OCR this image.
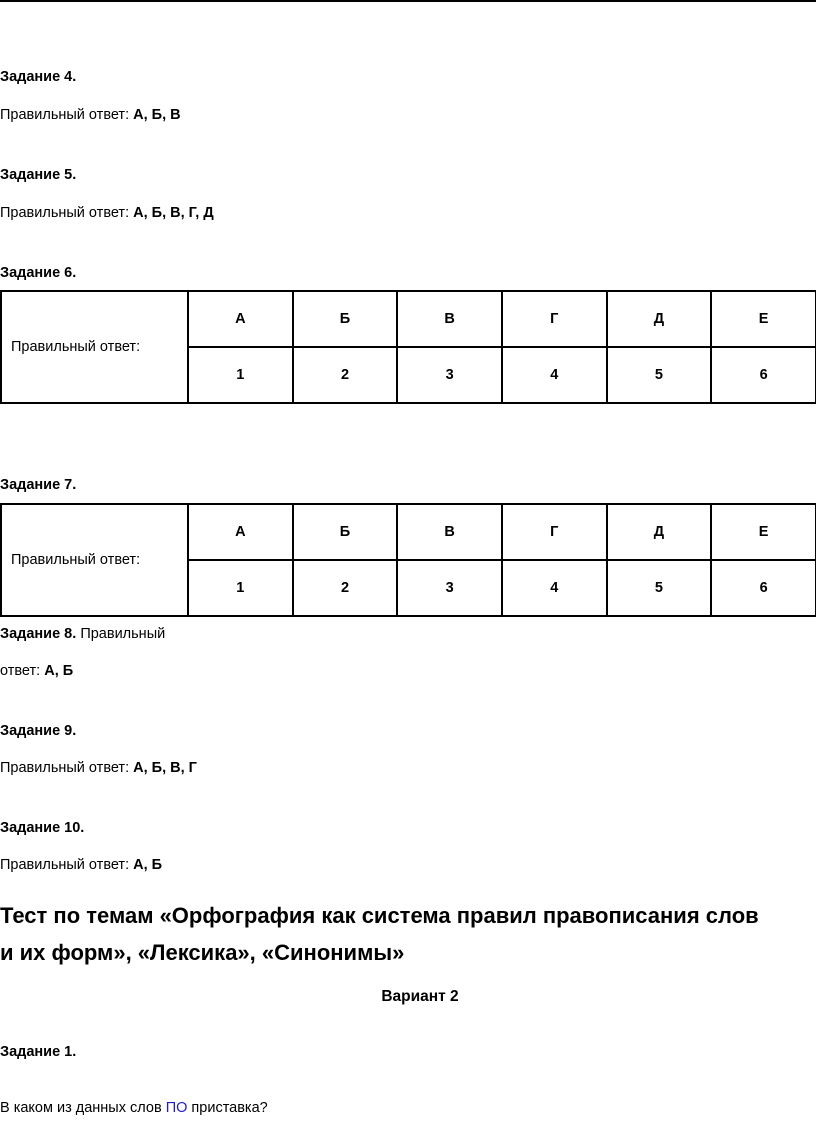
Задание 4.
Правильный ответ: А, Б, В
Задание 5.
Правильный ответ: А, Б, В, Г, Д
Задание 6.
Правильный ответ:	А	Б	В	Г	Д	Е
	1	2	3	4	5	6
Задание 7.
Правильный ответ:	А	Б	В	Г	Д	Е
	1	2	3	4	5	6
Задание 8. Правильный
ответ: А, Б
Задание 9.
Правильный ответ: А, Б, В, Г
Задание 10.
Правильный ответ: А, Б
Тест по темам «Орфография как система правил правописания слов
и их форм», «Лексика», «Синонимы»
Вариант 2
Задание 1.
В каком из данных слов ПО приставка?
